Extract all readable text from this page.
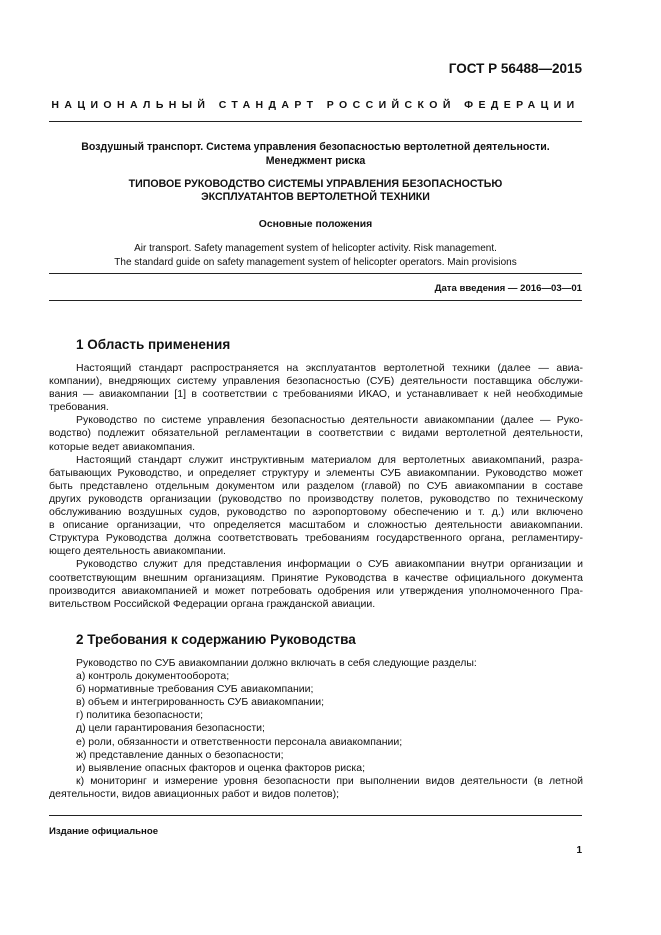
ГОСТ Р 56488—2015
НАЦИОНАЛЬНЫЙ СТАНДАРТ РОССИЙСКОЙ ФЕДЕРАЦИИ
Воздушный транспорт. Система управления безопасностью вертолетной деятельности.
Менеджмент риска
ТИПОВОЕ РУКОВОДСТВО СИСТЕМЫ УПРАВЛЕНИЯ БЕЗОПАСНОСТЬЮ
ЭКСПЛУАТАНТОВ ВЕРТОЛЕТНОЙ ТЕХНИКИ
Основные положения
Air transport. Safety management system of helicopter activity. Risk management.
The standard guide on safety management system of helicopter operators. Main provisions
Дата введения — 2016—03—01
1 Область применения
Настоящий стандарт распространяется на эксплуатантов вертолетной техники (далее — авиа-
компании), внедряющих систему управления безопасностью (СУБ) деятельности поставщика обслужи-
вания — авиакомпании [1] в соответствии с требованиями ИКАО, и устанавливает к ней необходимые
требования.
Руководство по системе управления безопасностью деятельности авиакомпании (далее — Руко-
водство) подлежит обязательной регламентации в соответствии с видами вертолетной деятельности,
которые ведет авиакомпания.
Настоящий стандарт служит инструктивным материалом для вертолетных авиакомпаний, разра-
батывающих Руководство, и определяет структуру и элементы СУБ авиакомпании. Руководство может
быть представлено отдельным документом или разделом (главой) по СУБ авиакомпании в составе
других руководств организации (руководство по производству полетов, руководство по техническому
обслуживанию воздушных судов, руководство по аэропортовому обеспечению и т. д.) или включено
в описание организации, что определяется масштабом и сложностью деятельности авиакомпании.
Структура Руководства должна соответствовать требованиям государственного органа, регламентиру-
ющего деятельность авиакомпании.
Руководство служит для представления информации о СУБ авиакомпании внутри организации и
соответствующим внешним организациям. Принятие Руководства в качестве официального документа
производится авиакомпанией и может потребовать одобрения или утверждения уполномоченного Пра-
вительством Российской Федерации органа гражданской авиации.
2 Требования к содержанию Руководства
Руководство по СУБ авиакомпании должно включать в себя следующие разделы:
а) контроль документооборота;
б) нормативные требования СУБ авиакомпании;
в) объем и интегрированность СУБ авиакомпании;
г) политика безопасности;
д) цели гарантирования безопасности;
е) роли, обязанности и ответственности персонала авиакомпании;
ж) представление данных о безопасности;
и) выявление опасных факторов и оценка факторов риска;
к) мониторинг и измерение уровня безопасности при выполнении видов деятельности (в летной
деятельности, видов авиационных работ и видов полетов);
Издание официальное
1
